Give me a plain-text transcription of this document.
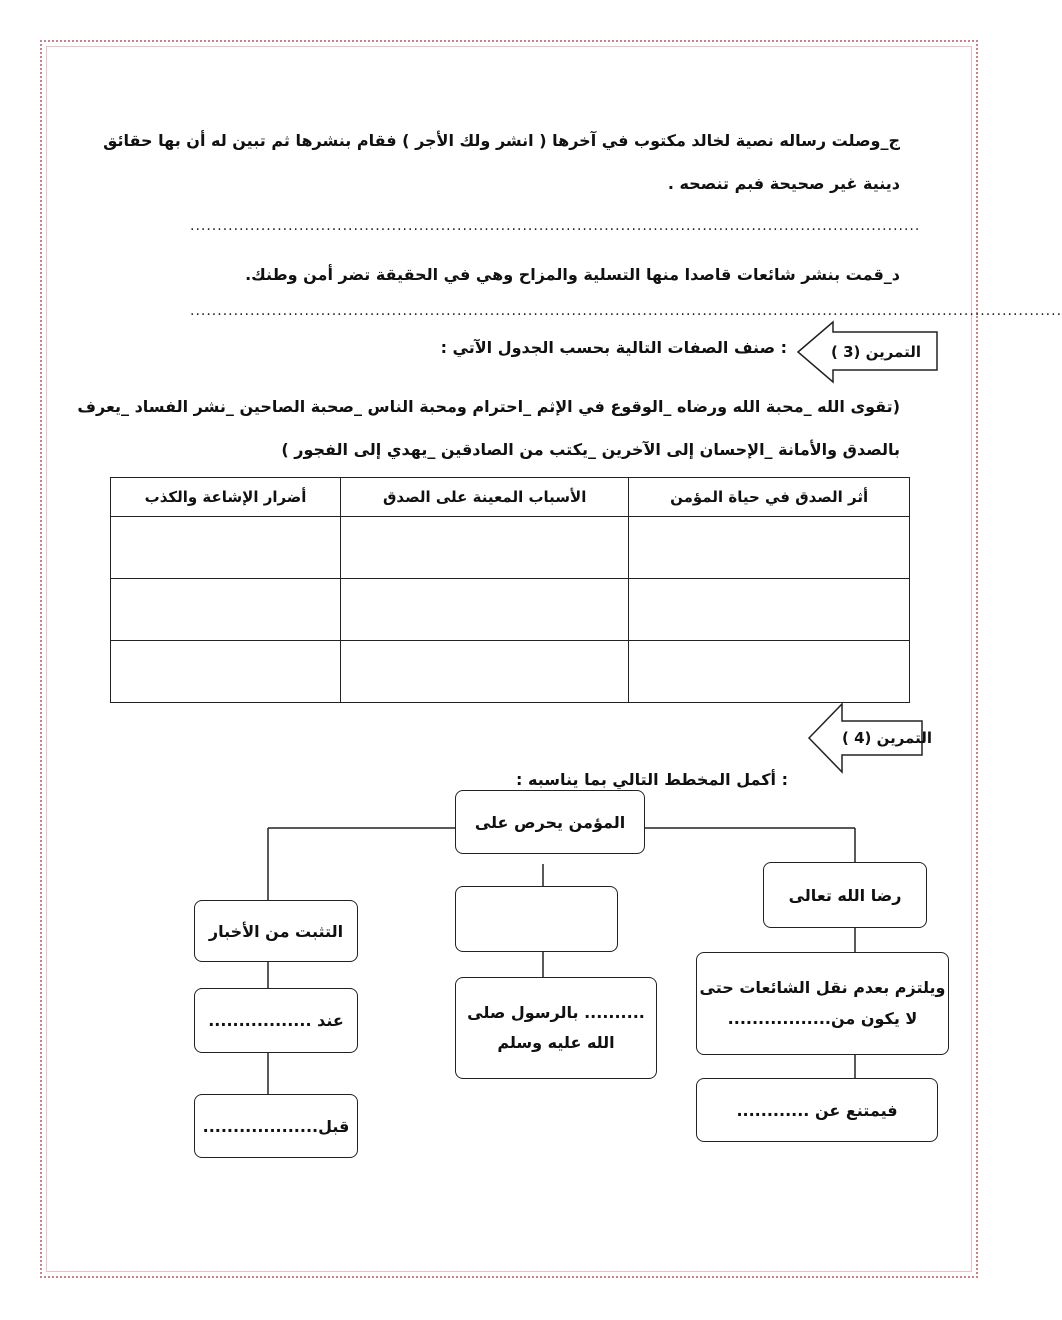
ج_وصلت رساله نصية لخالد مكتوب في آخرها ( انشر ولك الأجر ) فقام بنشرها ثم تبين له أن بها حقائق
دينية غير صحيحة فبم تنصحه .
......................................................................................................................................
د_قمت بنشر شائعات قاصدا منها التسلية والمزاح وهي في الحقيقة تضر أمن وطنك.
................................................................................................................................................................
التمرين (3 )
: صنف الصفات التالية بحسب الجدول الآتي :
(تقوى الله _محبة الله ورضاه _الوقوع في الإثم _احترام ومحبة الناس _صحبة الصاحين _نشر الفساد _يعرف
بالصدق والأمانة _الإحسان إلى الآخرين _يكتب من الصادقين _يهدي إلى الفجور )
أثر الصدق في حياة المؤمن	الأسباب المعينة على الصدق	أضرار الإشاعة والكذب

التمرين (4 )
: أكمل المخطط التالي بما يناسبه :
المؤمن يحرص على
رضا الله تعالى
ويلتزم بعدم نقل الشائعات حتى
لا يكون من.................
فيمتنع عن ............
.......... بالرسول صلى
الله عليه وسلم
التثبت من الأخبار
عند .................
قبل...................
